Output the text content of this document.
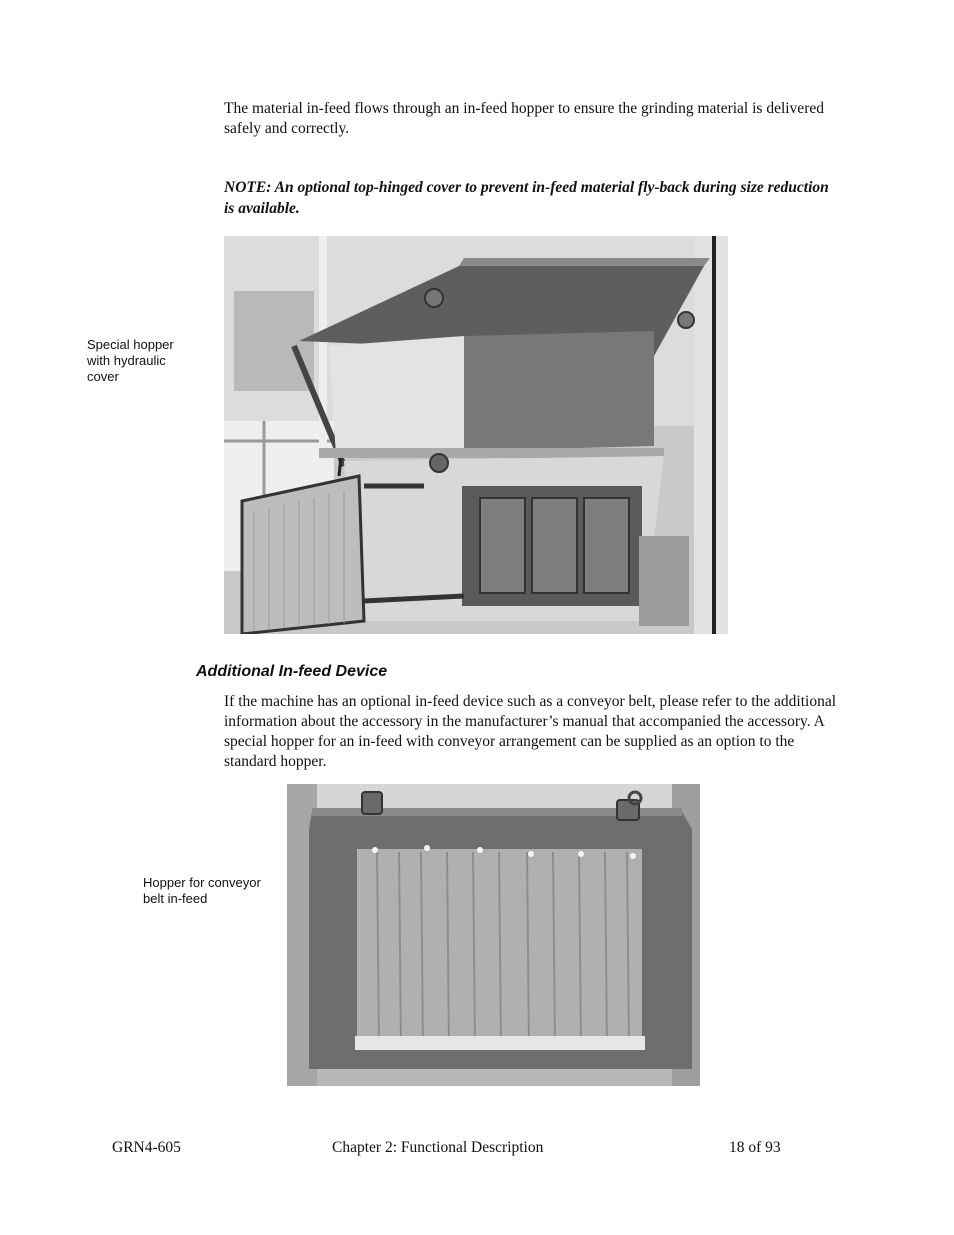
The material in-feed flows through an in-feed hopper to ensure the grinding material is delivered safely and correctly.
NOTE: An optional top-hinged cover to prevent in-feed material fly-back during size reduction is available.
Special hopper
with hydraulic
cover
Additional In-feed Device
If the machine has an optional in-feed device such as a conveyor belt, please refer to the additional information about the accessory in the manufacturer’s manual that accompanied the accessory. A special hopper for an in-feed with conveyor arrangement can be supplied as an option to the standard hopper.
Hopper for conveyor
belt in-feed
GRN4-605	Chapter 2: Functional Description	18 of 93
